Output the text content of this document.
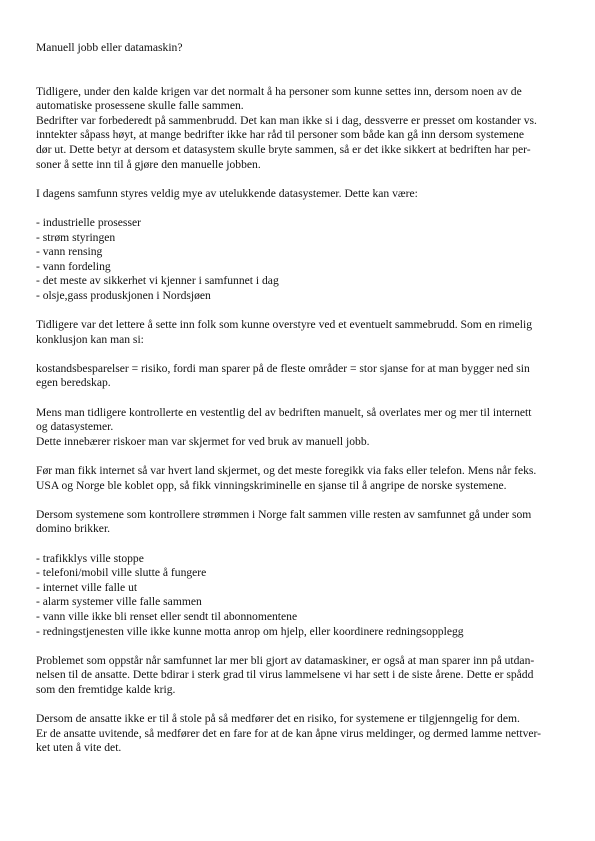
Manuell jobb eller datamaskin?

Tidligere, under den kalde krigen var det normalt å ha personer som kunne settes inn, dersom noen av de
automatiske prosessene skulle falle sammen.
Bedrifter var forbederedt på sammenbrudd. Det kan man ikke si i dag, dessverre er presset om kostander vs.
inntekter såpass høyt, at mange bedrifter ikke har råd til personer som både kan gå inn dersom systemene
dør ut. Dette betyr at dersom et datasystem skulle bryte sammen, så er det ikke sikkert at bedriften har per-
soner å sette inn til å gjøre den manuelle jobben.

I dagens samfunn styres veldig mye av utelukkende datasystemer. Dette kan være:

- industrielle prosesser
- strøm styringen
- vann rensing
- vann fordeling
- det meste av sikkerhet vi kjenner i samfunnet i dag
- olsje,gass produskjonen i Nordsjøen

Tidligere var det lettere å sette inn folk som kunne overstyre ved et eventuelt sammebrudd. Som en rimelig
konklusjon kan man si:

kostandsbesparelser = risiko, fordi man sparer på de fleste områder = stor sjanse for at man bygger ned sin
egen beredskap.

Mens man tidligere kontrollerte en vestentlig del av bedriften manuelt, så overlates mer og mer til internett
og datasystemer.
Dette innebærer riskoer man var skjermet for ved bruk av manuell jobb.

Før man fikk internet så var hvert land skjermet, og det meste foregikk via faks eller telefon. Mens når feks.
USA og Norge ble koblet opp, så fikk vinningskriminelle en sjanse til å angripe de norske systemene.

Dersom systemene som kontrollere strømmen i Norge falt sammen ville resten av samfunnet gå under som
domino brikker.

- trafikklys ville stoppe
- telefoni/mobil ville slutte å fungere
- internet ville falle ut
- alarm systemer ville falle sammen
- vann ville ikke bli renset eller sendt til abonnomentene
- redningstjenesten ville ikke kunne motta anrop om hjelp, eller koordinere redningsopplegg

Problemet som oppstår når samfunnet lar mer bli gjort av datamaskiner, er også at man sparer inn på utdan-
nelsen til de ansatte. Dette bdirar i sterk grad til virus lammelsene vi har sett i de siste årene. Dette er spådd
som den fremtidge kalde krig.

Dersom de ansatte ikke er til å stole på så medfører det en risiko, for systemene er tilgjenngelig for dem.
Er de ansatte uvitende, så medfører det en fare for at de kan åpne virus meldinger, og dermed lamme nettver-
ket uten å vite det.
